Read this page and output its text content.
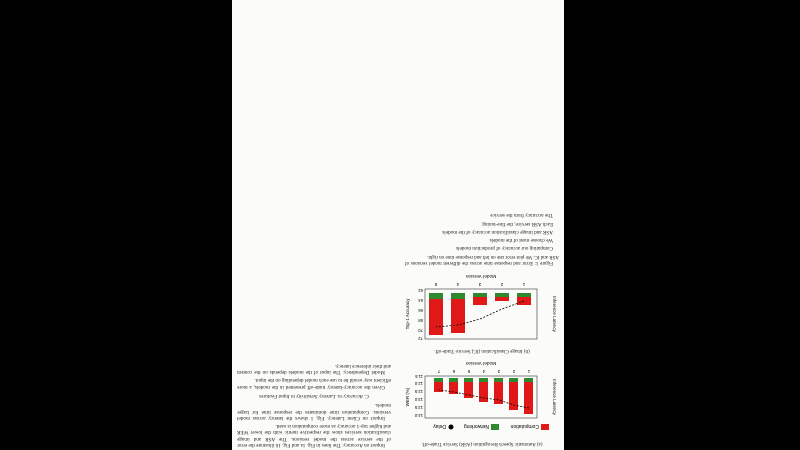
(a) Automatic Speech Recognition (ASR) Service Trade-off.
Computation
Networking
Delay
1
2
3
4
5
6
7
14.0
13.5
13.0
12.5
12.0
11.5
Model Version
Inference Latency
WER (%)
(b) Image Classification (IC) Service Trade-off.
1
2
3
4
5
62
64
66
68
70
72
Model Version
Inference Latency
Top-1 Accuracy

Figure 1: Error and response time across the different model versions of ASR and IC. We plot error rate on left and response time on right.

Comparing our accuracy of production models

We choose most of the models

ASR and image classification accuracy of the models

Each ASR service, the fine-tuning

The accuracy from the service

Impact on Accuracy. The lines in Fig. 1a and Fig. 1b illustrate the error of the service across the model versions. The ASR and image classification services show the respective metric with the lower WER and higher top-1 accuracy as more computation is used.

Impact on Client Latency. Fig. 1 shows the latency across model versions. Computation time dominates the response time for larger models.

C. Accuracy vs. Latency Sensitivity to Input Features

Given the accuracy-latency trade-off presented in the models, a more efficient way would be to use each model depending on the input.

Model Dependency. The input of the models depends on the content and their inference latency.
